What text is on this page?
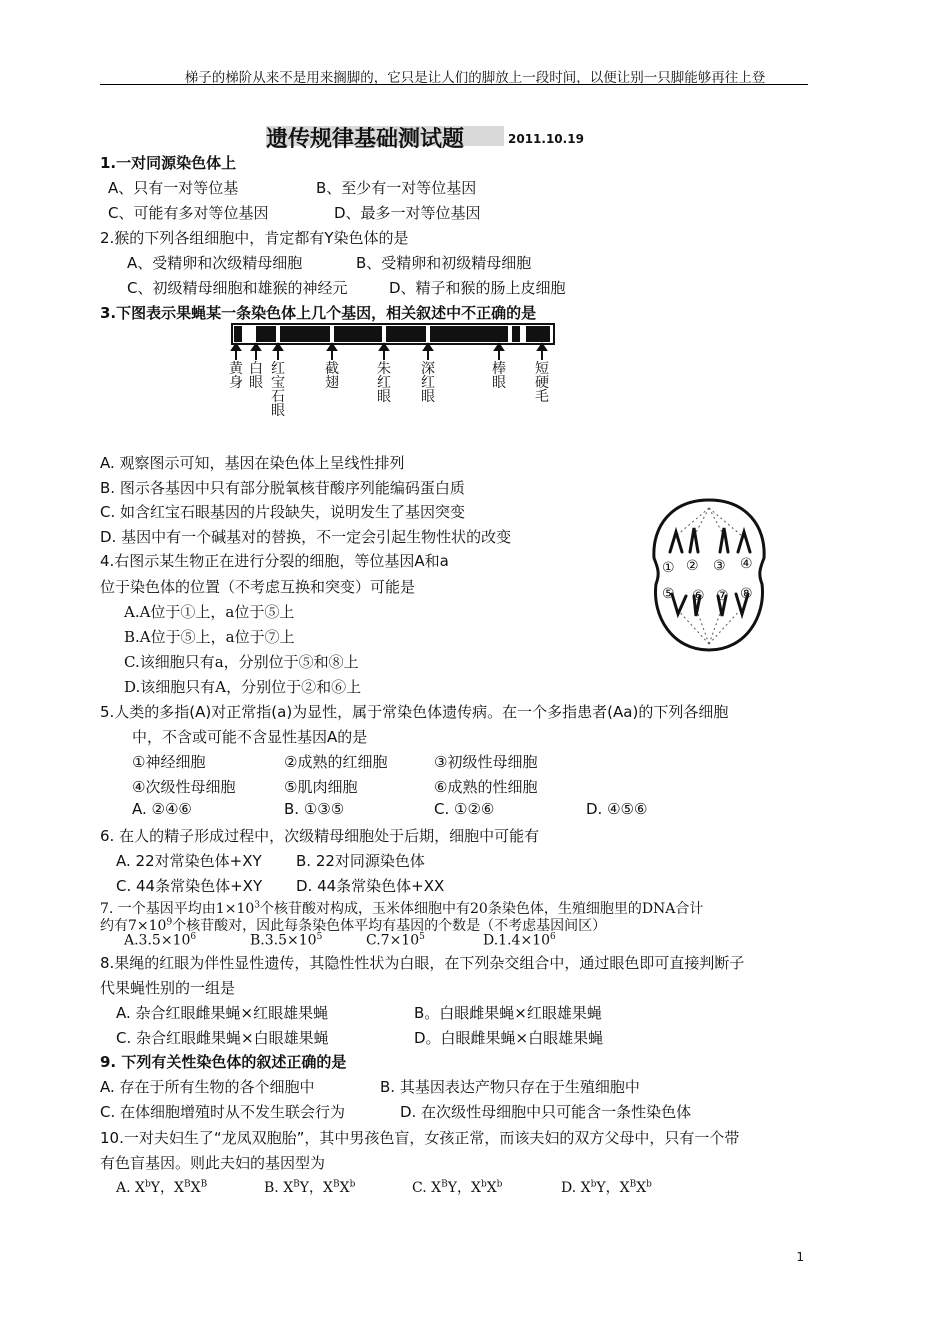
梯子的梯阶从来不是用来搁脚的，它只是让人们的脚放上一段时间，以便让别一只脚能够再往上登
遗传规律基础测试题	2011.10.19
1.一对同源染色体上
A、只有一对等位基	B、至少有一对等位基因
C、可能有多对等位基因	D、最多一对等位基因
2.猴的下列各组细胞中，肯定都有Y染色体的是
A、受精卵和次级精母细胞	B、受精卵和初级精母细胞
C、初级精母细胞和雄猴的神经元	D、精子和猴的肠上皮细胞
3.下图表示果蝇某一条染色体上几个基因，相关叙述中不正确的是
黄身
白眼
红宝石眼
截翅
朱红眼
深红眼
棒眼
短硬毛
A. 观察图示可知，基因在染色体上呈线性排列
B. 图示各基因中只有部分脱氧核苷酸序列能编码蛋白质
C. 如含红宝石眼基因的片段缺失，说明发生了基因突变
D. 基因中有一个碱基对的替换，不一定会引起生物性状的改变
① ② ③ ④
⑤ ⑥ ⑦ ⑧
4.右图示某生物正在进行分裂的细胞，等位基因A和a
位于染色体的位置（不考虑互换和突变）可能是
A.A位于①上，a位于⑤上
B.A位于⑤上，a位于⑦上
C.该细胞只有a，分别位于⑤和⑧上
D.该细胞只有A，分别位于②和⑥上
5.人类的多指(A)对正常指(a)为显性，属于常染色体遗传病。在一个多指患者(Aa)的下列各细胞
中，不含或可能不含显性基因A的是
①神经细胞	②成熟的红细胞	③初级性母细胞
④次级性母细胞	⑤肌肉细胞	⑥成熟的性细胞
A. ②④⑥	B. ①③⑤	C. ①②⑥	D. ④⑤⑥
6. 在人的精子形成过程中，次级精母细胞处于后期，细胞中可能有
A. 22对常染色体+XY B. 22对同源染色体
C. 44条常染色体+XY D. 44条常染色体+XX
7. 一个基因平均由$1\times 10^3$个核苷酸对构成，玉米体细胞中有20条染色体，生殖细胞里的DNA合计
约有$7\times 10^9$个核苷酸对，因此每条染色体平均有基因的个数是（不考虑基因间区）
$A.3.5\times 10^6$	$B.3.5\times 10^5$	$C.7\times 10^5$	$D.1.4\times 10^6$
8.果绳的红眼为伴性显性遗传，其隐性性状为白眼，在下列杂交组合中，通过眼色即可直接判断子
代果蝇性别的一组是
A. 杂合红眼雌果蝇×红眼雄果蝇	B。白眼雌果蝇×红眼雄果蝇
C. 杂合红眼雌果蝇×白眼雄果蝇	D。白眼雌果蝇×白眼雄果蝇
9. 下列有关性染色体的叙述正确的是
A. 存在于所有生物的各个细胞中	B. 其基因表达产物只存在于生殖细胞中
C. 在体细胞增殖时从不发生联会行为	D. 在次级性母细胞中只可能含一条性染色体
10.一对夫妇生了“龙凤双胞胎”，其中男孩色盲，女孩正常，而该夫妇的双方父母中，只有一个带
有色盲基因。则此夫妇的基因型为
A. $X^bY$，$X^BX^B$	B. $X^BY$，$X^BX^b$	C. $X^BY$，$X^bX^b$	D. $X^bY$，$X^BX^b$
1
